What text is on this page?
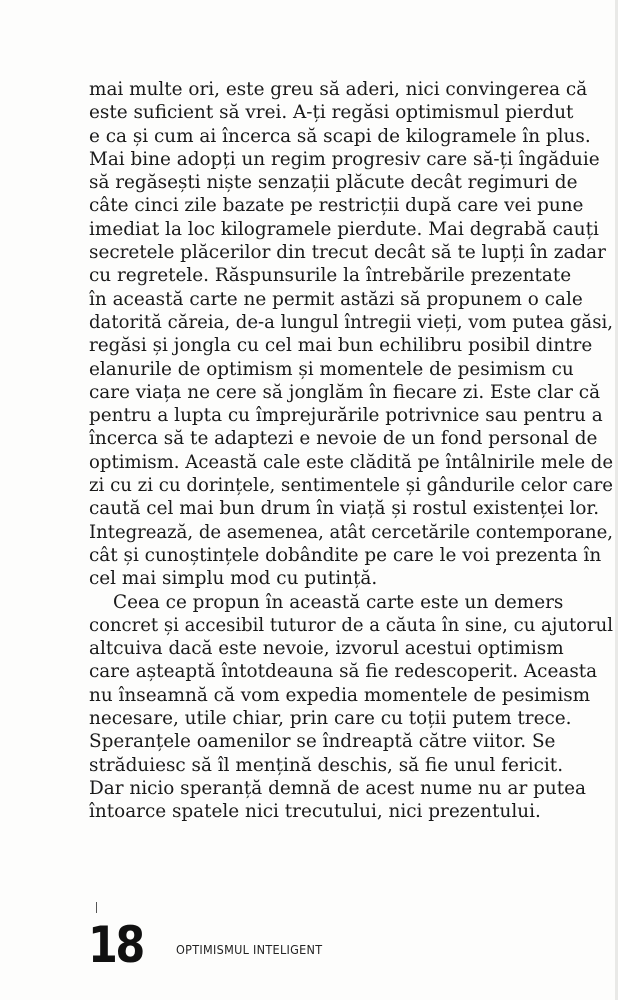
mai multe ori, este greu să aderi, nici convingerea că
este suficient să vrei. A-ți regăsi optimismul pierdut
e ca și cum ai încerca să scapi de kilogramele în plus.
Mai bine adopți un regim progresiv care să-ți îngăduie
să regăsești niște senzații plăcute decât regimuri de
câte cinci zile bazate pe restricții după care vei pune
imediat la loc kilogramele pierdute. Mai degrabă cauți
secretele plăcerilor din trecut decât să te lupți în zadar
cu regretele. Răspunsurile la întrebările prezentate
în această carte ne permit astăzi să propunem o cale
datorită căreia, de-a lungul întregii vieți, vom putea găsi,
regăsi și jongla cu cel mai bun echilibru posibil dintre
elanurile de optimism și momentele de pesimism cu
care viața ne cere să jonglăm în fiecare zi. Este clar că
pentru a lupta cu împrejurările potrivnice sau pentru a
încerca să te adaptezi e nevoie de un fond personal de
optimism. Această cale este clădită pe întâlnirile mele de
zi cu zi cu dorințele, sentimentele și gândurile celor care
caută cel mai bun drum în viață și rostul existenței lor.
Integrează, de asemenea, atât cercetările contemporane,
cât și cunoștințele dobândite pe care le voi prezenta în
cel mai simplu mod cu putință.
Ceea ce propun în această carte este un demers
concret și accesibil tuturor de a căuta în sine, cu ajutorul
altcuiva dacă este nevoie, izvorul acestui optimism
care așteaptă întotdeauna să fie redescoperit. Aceasta
nu înseamnă că vom expedia momentele de pesimism
necesare, utile chiar, prin care cu toții putem trece.
Speranțele oamenilor se îndreaptă către viitor. Se
străduiesc să îl mențină deschis, să fie unul fericit.
Dar nicio speranță demnă de acest nume nu ar putea
întoarce spatele nici trecutului, nici prezentului.
18	OPTIMISMUL INTELIGENT
